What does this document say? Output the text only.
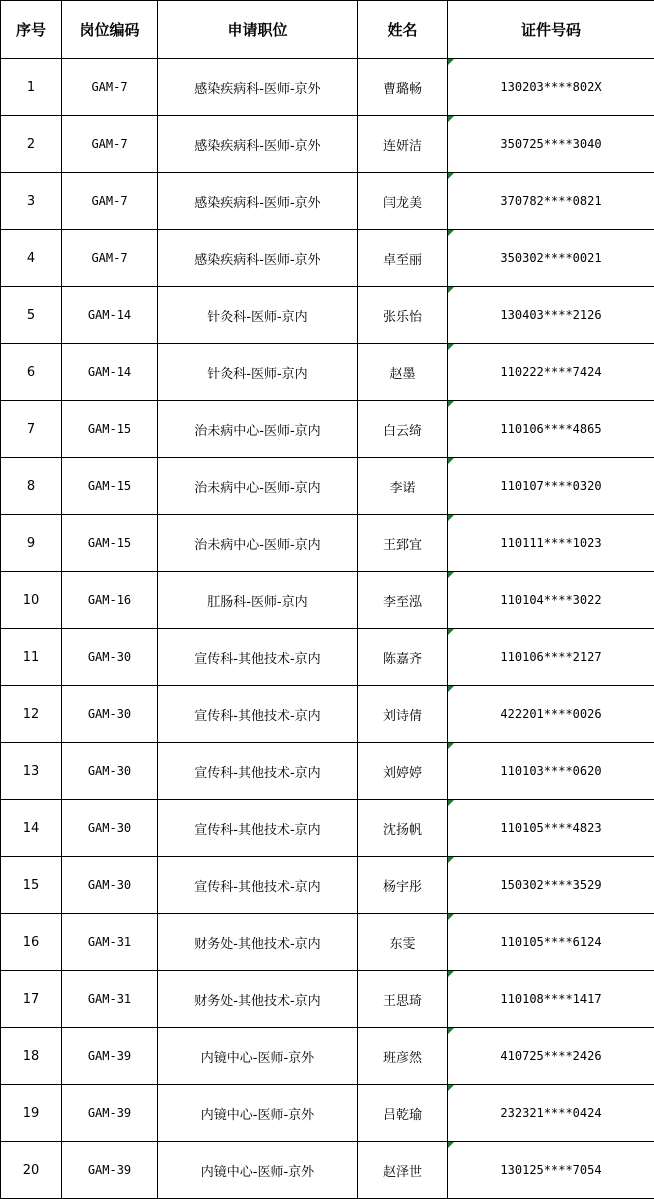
序号	岗位编码	申请职位	姓名	证件号码
1	GAM-7	感染疾病科-医师-京外	曹璐畅	130203****802X
2	GAM-7	感染疾病科-医师-京外	连妍洁	350725****3040
3	GAM-7	感染疾病科-医师-京外	闫龙美	370782****0821
4	GAM-7	感染疾病科-医师-京外	卓至丽	350302****0021
5	GAM-14	针灸科-医师-京内	张乐怡	130403****2126
6	GAM-14	针灸科-医师-京内	赵墨	110222****7424
7	GAM-15	治未病中心-医师-京内	白云绮	110106****4865
8	GAM-15	治未病中心-医师-京内	李诺	110107****0320
9	GAM-15	治未病中心-医师-京内	王郅宜	110111****1023
10	GAM-16	肛肠科-医师-京内	李至泓	110104****3022
11	GAM-30	宣传科-其他技术-京内	陈嘉齐	110106****2127
12	GAM-30	宣传科-其他技术-京内	刘诗倩	422201****0026
13	GAM-30	宣传科-其他技术-京内	刘婷婷	110103****0620
14	GAM-30	宣传科-其他技术-京内	沈扬帆	110105****4823
15	GAM-30	宣传科-其他技术-京内	杨宇彤	150302****3529
16	GAM-31	财务处-其他技术-京内	东雯	110105****6124
17	GAM-31	财务处-其他技术-京内	王思琦	110108****1417
18	GAM-39	内镜中心-医师-京外	班彦然	410725****2426
19	GAM-39	内镜中心-医师-京外	吕乾瑜	232321****0424
20	GAM-39	内镜中心-医师-京外	赵泽世	130125****7054
